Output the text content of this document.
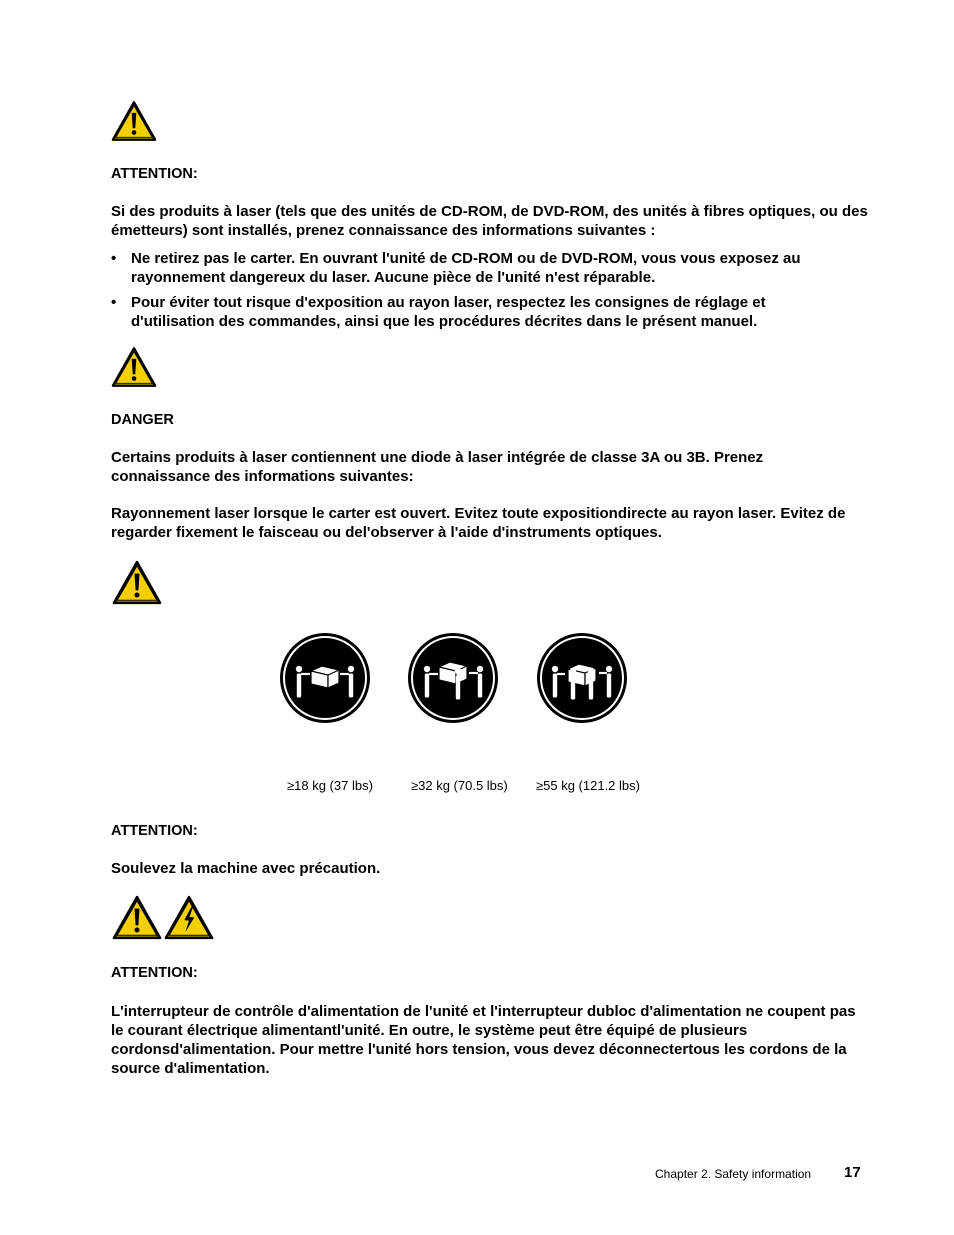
ATTENTION:

Si des produits à laser (tels que des unités de CD-ROM, de DVD-ROM, des unités à fibres optiques, ou des émetteurs) sont installés, prenez connaissance des informations suivantes :

• Ne retirez pas le carter. En ouvrant l'unité de CD-ROM ou de DVD-ROM, vous vous exposez au rayonnement dangereux du laser. Aucune pièce de l'unité n'est réparable.
• Pour éviter tout risque d'exposition au rayon laser, respectez les consignes de réglage et d'utilisation des commandes, ainsi que les procédures décrites dans le présent manuel.
DANGER

Certains produits à laser contiennent une diode à laser intégrée de classe 3A ou 3B. Prenez connaissance des informations suivantes:

Rayonnement laser lorsque le carter est ouvert. Evitez toute expositiondirecte au rayon laser. Evitez de regarder fixement le faisceau ou del'observer à l'aide d'instruments optiques.

≥18 kg (37 lbs)	≥32 kg (70.5 lbs) ≥55 kg (121.2 lbs)
ATTENTION:

Soulevez la machine avec précaution.

ATTENTION:

L'interrupteur de contrôle d'alimentation de l'unité et l'interrupteur dubloc d'alimentation ne coupent pas le courant électrique alimentantl'unité. En outre, le système peut être équipé de plusieurs cordonsd'alimentation. Pour mettre l'unité hors tension, vous devez déconnectertous les cordons de la source d'alimentation.

Chapter 2. Safety information 17
